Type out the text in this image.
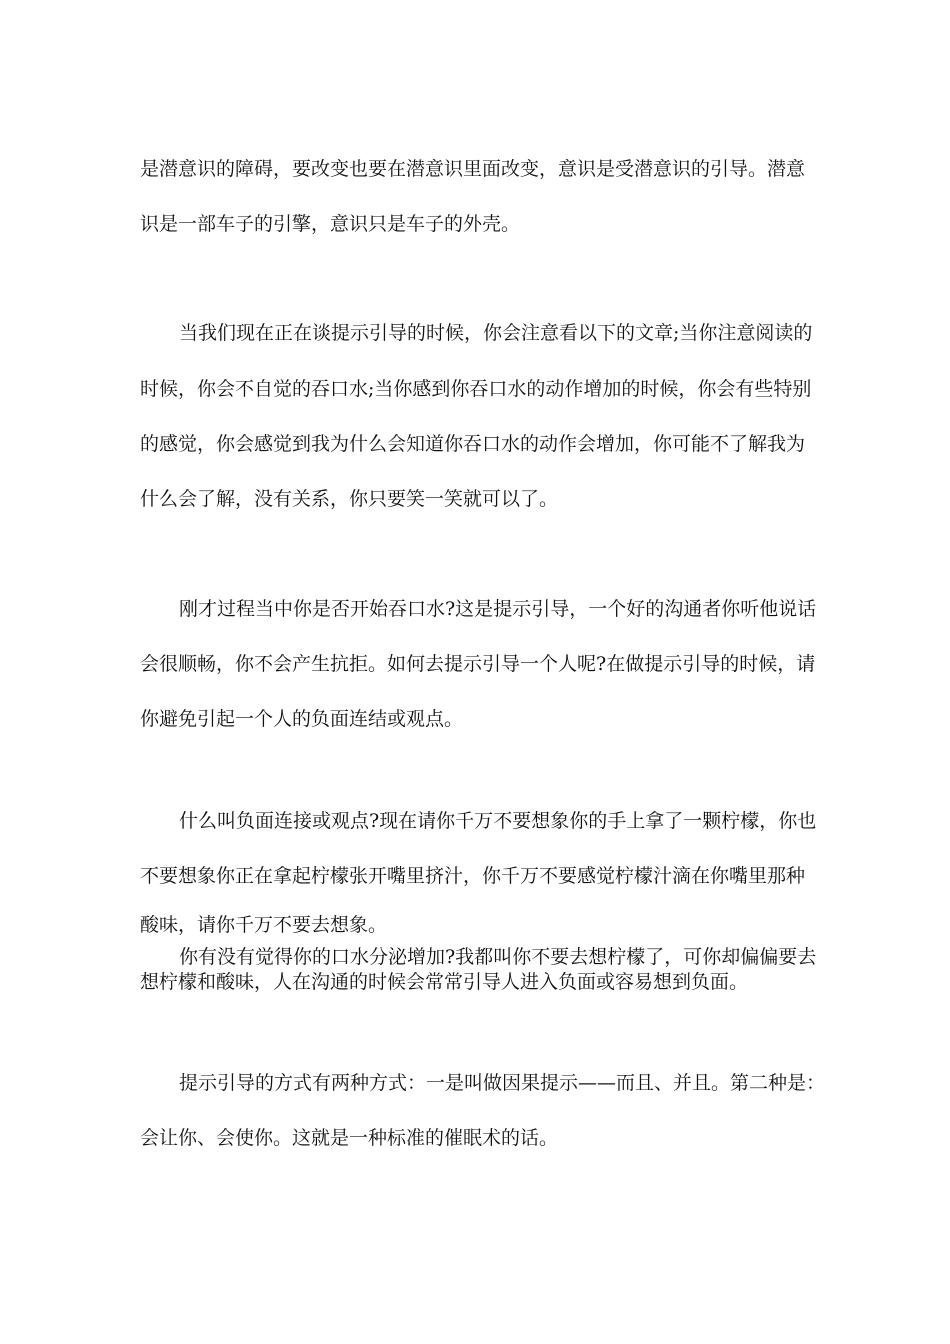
是潜意识的障碍，要改变也要在潜意识里面改变，意识是受潜意识的引导。潜意
识是一部车子的引擎，意识只是车子的外壳。
当我们现在正在谈提示引导的时候，你会注意看以下的文章;当你注意阅读的
时候，你会不自觉的吞口水;当你感到你吞口水的动作增加的时候，你会有些特别
的感觉，你会感觉到我为什么会知道你吞口水的动作会增加，你可能不了解我为
什么会了解，没有关系，你只要笑一笑就可以了。
刚才过程当中你是否开始吞口水?这是提示引导，一个好的沟通者你听他说话
会很顺畅，你不会产生抗拒。如何去提示引导一个人呢?在做提示引导的时候，请
你避免引起一个人的负面连结或观点。
什么叫负面连接或观点?现在请你千万不要想象你的手上拿了一颗柠檬，你也
不要想象你正在拿起柠檬张开嘴里挤汁，你千万不要感觉柠檬汁滴在你嘴里那种
酸味，请你千万不要去想象。
你有没有觉得你的口水分泌增加?我都叫你不要去想柠檬了，可你却偏偏要去
想柠檬和酸味，人在沟通的时候会常常引导人进入负面或容易想到负面。
提示引导的方式有两种方式：一是叫做因果提示——而且、并且。第二种是：
会让你、会使你。这就是一种标准的催眠术的话。
